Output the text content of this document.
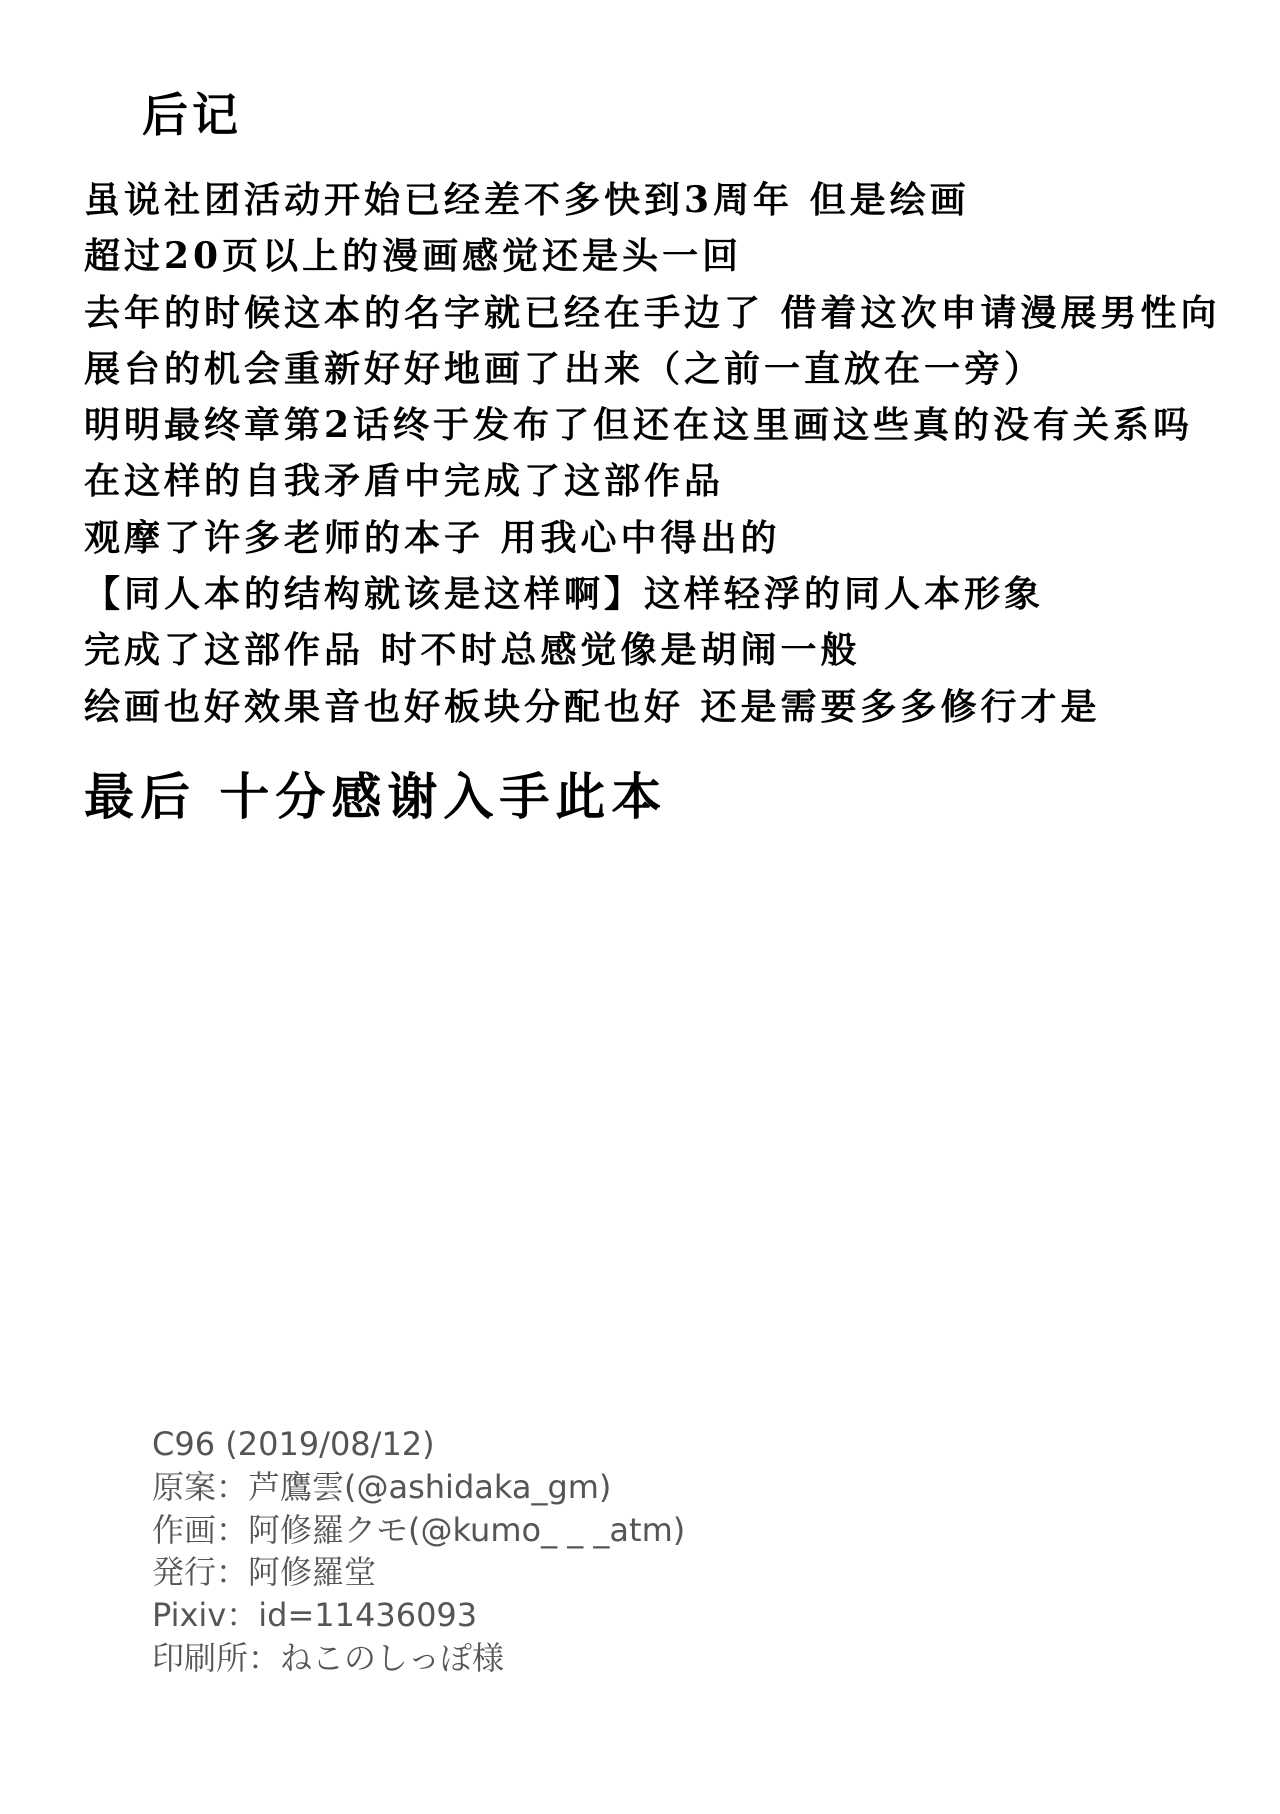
后记
虽说社团活动开始已经差不多快到3周年 但是绘画
超过20页以上的漫画感觉还是头一回
去年的时候这本的名字就已经在手边了 借着这次申请漫展男性向
展台的机会重新好好地画了出来（之前一直放在一旁）
明明最终章第2话终于发布了但还在这里画这些真的没有关系吗
在这样的自我矛盾中完成了这部作品
观摩了许多老师的本子 用我心中得出的
【同人本的结构就该是这样啊】这样轻浮的同人本形象
完成了这部作品 时不时总感觉像是胡闹一般
绘画也好效果音也好板块分配也好 还是需要多多修行才是
最后 十分感谢入手此本
C96 (2019/08/12)
原案：芦鷹雲(@ashidaka_gm)
作画：阿修羅クモ(@kumo_ _ _atm)
発行：阿修羅堂
Pixiv：id=11436093
印刷所：ねこのしっぽ様
